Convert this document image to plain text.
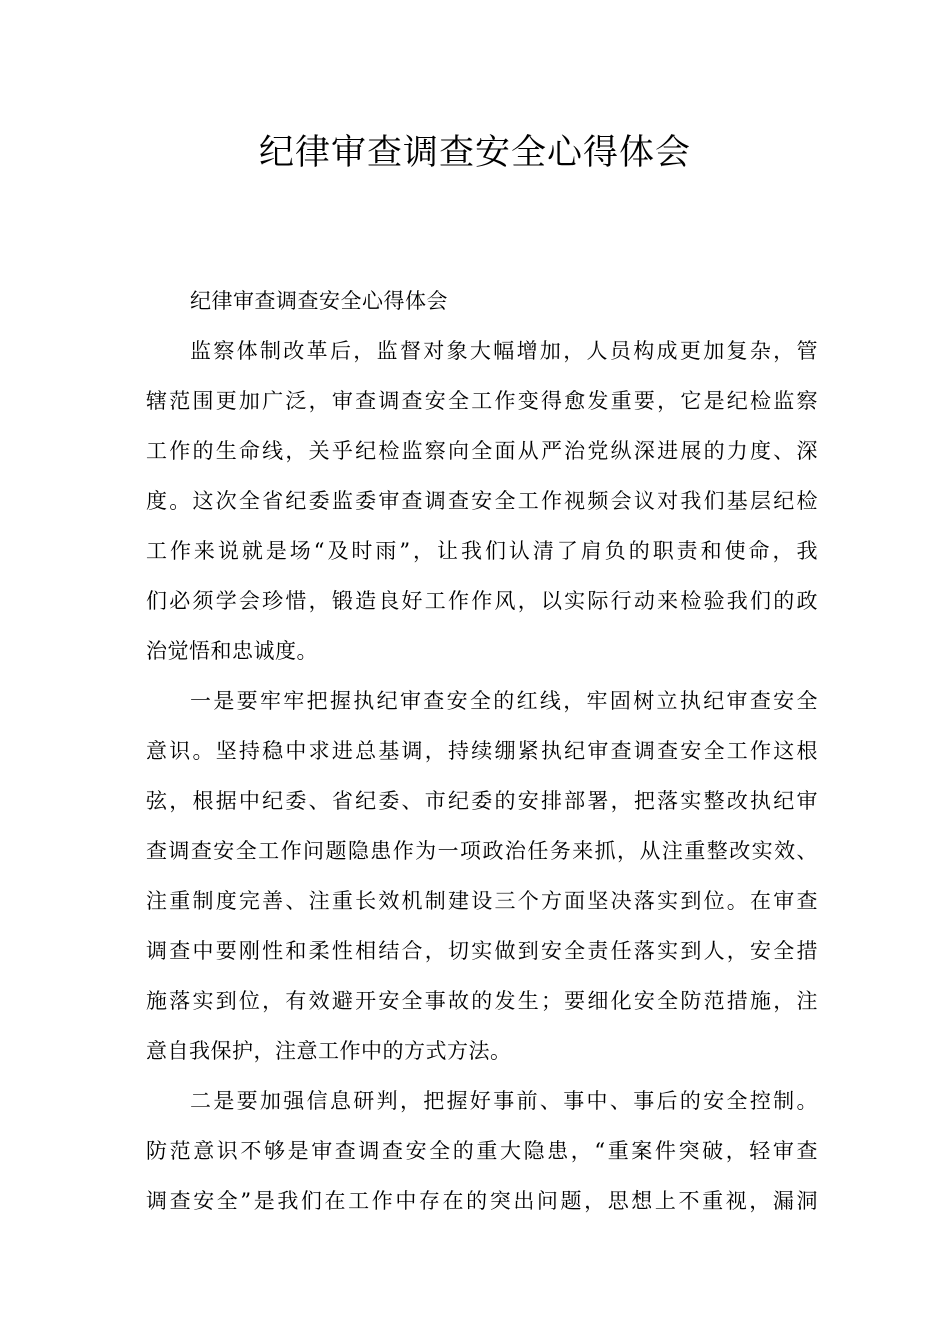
纪律审查调查安全心得体会
纪律审查调查安全心得体会
监察体制改革后，监督对象大幅增加，人员构成更加复杂，管
辖范围更加广泛，审查调查安全工作变得愈发重要，它是纪检监察
工作的生命线，关乎纪检监察向全面从严治党纵深进展的力度、深
度。这次全省纪委监委审查调查安全工作视频会议对我们基层纪检
工作来说就是场“及时雨”，让我们认清了肩负的职责和使命，我
们必须学会珍惜，锻造良好工作作风，以实际行动来检验我们的政
治觉悟和忠诚度。
一是要牢牢把握执纪审查安全的红线，牢固树立执纪审查安全
意识。坚持稳中求进总基调，持续绷紧执纪审查调查安全工作这根
弦，根据中纪委、省纪委、市纪委的安排部署，把落实整改执纪审
查调查安全工作问题隐患作为一项政治任务来抓，从注重整改实效、
注重制度完善、注重长效机制建设三个方面坚决落实到位。在审查
调查中要刚性和柔性相结合，切实做到安全责任落实到人，安全措
施落实到位，有效避开安全事故的发生；要细化安全防范措施，注
意自我保护，注意工作中的方式方法。
二是要加强信息研判，把握好事前、事中、事后的安全控制。
防范意识不够是审查调查安全的重大隐患，“重案件突破，轻审查
调查安全”是我们在工作中存在的突出问题，思想上不重视，漏洞
